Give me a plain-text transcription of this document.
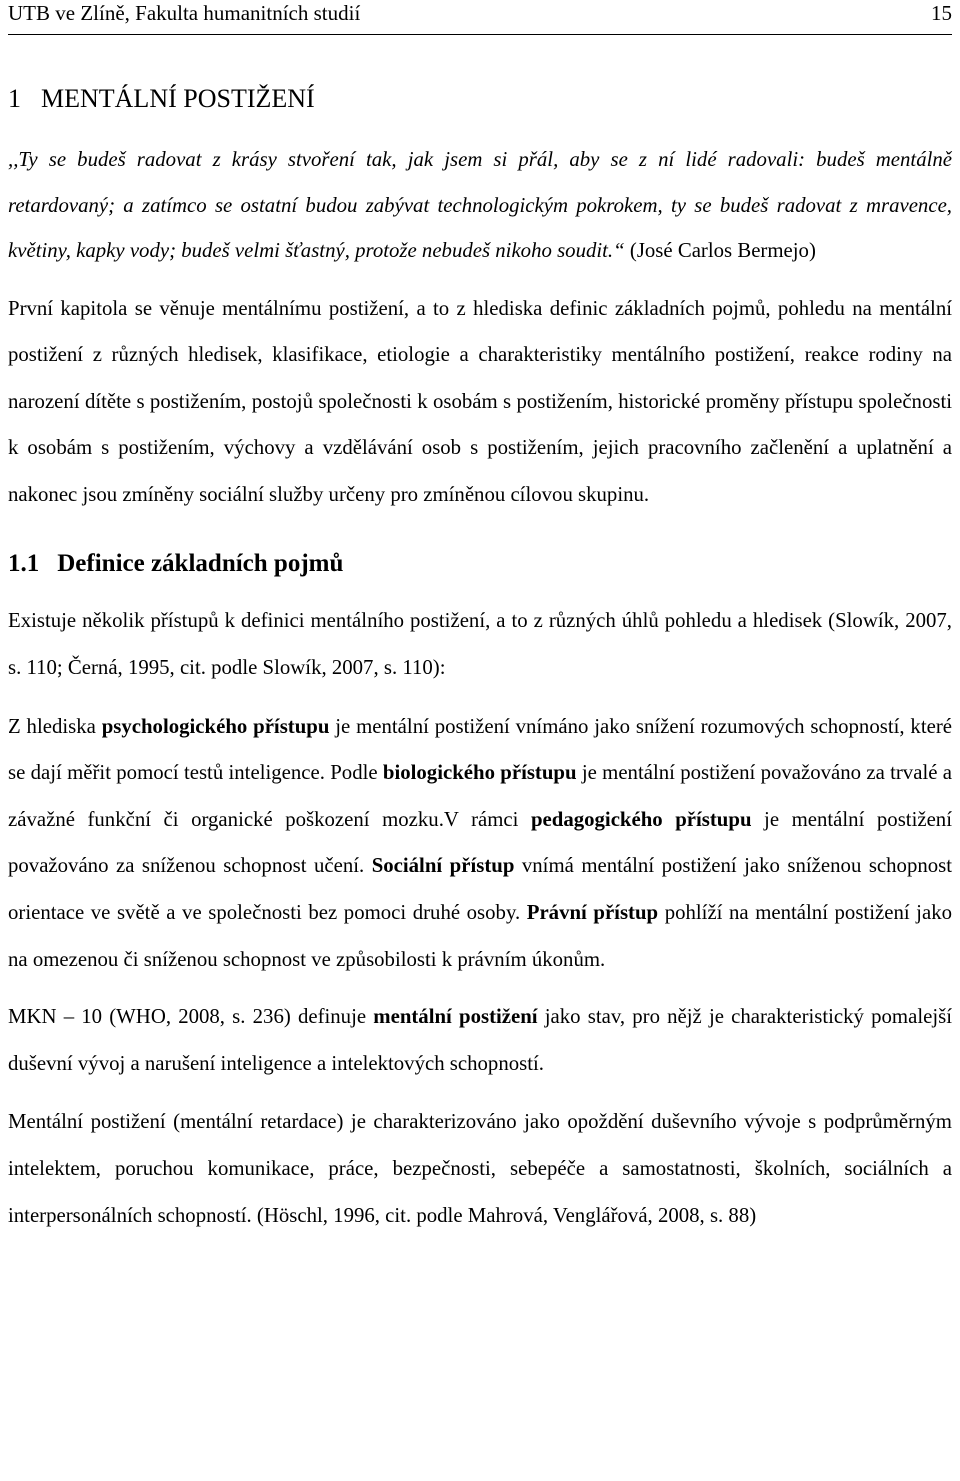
UTB ve Zlíně, Fakulta humanitních studií	15
1 MENTÁLNÍ POSTIŽENÍ

,,Ty se budeš radovat z krásy stvoření tak, jak jsem si přál, aby se z ní lidé radovali: budeš mentálně retardovaný; a zatímco se ostatní budou zabývat technologickým pokrokem, ty se budeš radovat z mravence, květiny, kapky vody; budeš velmi šťastný, protože nebudeš nikoho soudit.“ (José Carlos Bermejo)

První kapitola se věnuje mentálnímu postižení, a to z hlediska definic základních pojmů, pohledu na mentální postižení z různých hledisek, klasifikace, etiologie a charakteristiky mentálního postižení, reakce rodiny na narození dítěte s postižením, postojů společnosti k osobám s postižením, historické proměny přístupu společnosti k osobám s postižením, výchovy a vzdělávání osob s postižením, jejich pracovního začlenění a uplatnění a nakonec jsou zmíněny sociální služby určeny pro zmíněnou cílovou skupinu.

1.1 Definice základních pojmů

Existuje několik přístupů k definici mentálního postižení, a to z různých úhlů pohledu a hledisek (Slowík, 2007, s. 110; Černá, 1995, cit. podle Slowík, 2007, s. 110):

Z hlediska psychologického přístupu je mentální postižení vnímáno jako snížení rozumových schopností, které se dají měřit pomocí testů inteligence. Podle biologického přístupu je mentální postižení považováno za trvalé a závažné funkční či organické poškození mozku.V rámci pedagogického přístupu je mentální postižení považováno za sníženou schopnost učení. Sociální přístup vnímá mentální postižení jako sníženou schopnost orientace ve světě a ve společnosti bez pomoci druhé osoby. Právní přístup pohlíží na mentální postižení jako na omezenou či sníženou schopnost ve způsobilosti k právním úkonům.

MKN – 10 (WHO, 2008, s. 236) definuje mentální postižení jako stav, pro nějž je charakteristický pomalejší duševní vývoj a narušení inteligence a intelektových schopností.

Mentální postižení (mentální retardace) je charakterizováno jako opoždění duševního vývoje s podprůměrným intelektem, poruchou komunikace, práce, bezpečnosti, sebepéče a samostatnosti, školních, sociálních a interpersonálních schopností. (Höschl, 1996, cit. podle Mahrová, Venglářová, 2008, s. 88)
